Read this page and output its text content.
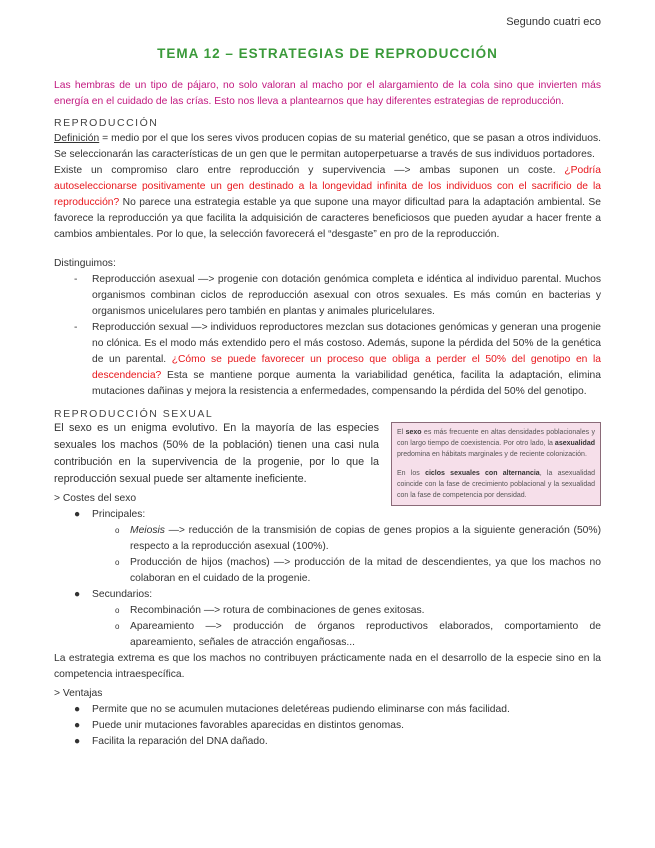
Segundo cuatri eco
TEMA 12 – ESTRATEGIAS DE REPRODUCCIÓN

Las hembras de un tipo de pájaro, no solo valoran al macho por el alargamiento de la cola sino que invierten más energía en el cuidado de las crías. Esto nos lleva a plantearnos que hay diferentes estrategias de reproducción.

REPRODUCCIÓN

Definición = medio por el que los seres vivos producen copias de su material genético, que se pasan a otros individuos. Se seleccionarán las características de un gen que le permitan autoperpetuarse a través de sus individuos portadores.

Existe un compromiso claro entre reproducción y supervivencia —> ambas suponen un coste. ¿Podría autoseleccionarse positivamente un gen destinado a la longevidad infinita de los individuos con el sacrificio de la reproducción? No parece una estrategia estable ya que supone una mayor dificultad para la adaptación ambiental. Se favorece la reproducción ya que facilita la adquisición de caracteres beneficiosos que pueden ayudar a hacer frente a cambios ambientales. Por lo que, la selección favorecerá el “desgaste” en pro de la reproducción.

Distinguimos:

- Reproducción asexual —> progenie con dotación genómica completa e idéntica al individuo parental. Muchos organismos combinan ciclos de reproducción asexual con otros sexuales. Es más común en bacterias y organismos unicelulares pero también en plantas y animales pluricelulares.
- Reproducción sexual —> individuos reproductores mezclan sus dotaciones genómicas y generan una progenie no clónica. Es el modo más extendido pero el más costoso. Además, supone la pérdida del 50% de la genética de un parental. ¿Cómo se puede favorecer un proceso que obliga a perder el 50% del genotipo en la descendencia? Esta se mantiene porque aumenta la variabilidad genética, facilita la adaptación, elimina mutaciones dañinas y mejora la resistencia a enfermedades, compensando la pérdida del 50% del genotipo.
REPRODUCCIÓN SEXUAL

El sexo es más frecuente en altas densidades poblacionales y con largo tiempo de coexistencia. Por otro lado, la asexualidad predomina en hábitats marginales y de reciente colonización.

En los ciclos sexuales con alternancia, la asexualidad coincide con la fase de crecimiento poblacional y la sexualidad con la fase de competencia por densidad.

El sexo es un enigma evolutivo. En la mayoría de las especies sexuales los machos (50% de la población) tienen una casi nula contribución en la supervivencia de la progenie, por lo que la reproducción sexual puede ser altamente ineficiente.

> Costes del sexo

● Principales:
o Meiosis —> reducción de la transmisión de copias de genes propios a la siguiente generación (50%) respecto a la reproducción asexual (100%).
o Producción de hijos (machos) —> producción de la mitad de descendientes, ya que los machos no colaboran en el cuidado de la progenie.
● Secundarios:
o Recombinación —> rotura de combinaciones de genes exitosas.
o Apareamiento —> producción de órganos reproductivos elaborados, comportamiento de apareamiento, señales de atracción engañosas...

La estrategia extrema es que los machos no contribuyen prácticamente nada en el desarrollo de la especie sino en la competencia intraespecífica.

> Ventajas

● Permite que no se acumulen mutaciones deletéreas pudiendo eliminarse con más facilidad.
● Puede unir mutaciones favorables aparecidas en distintos genomas.
● Facilita la reparación del DNA dañado.
